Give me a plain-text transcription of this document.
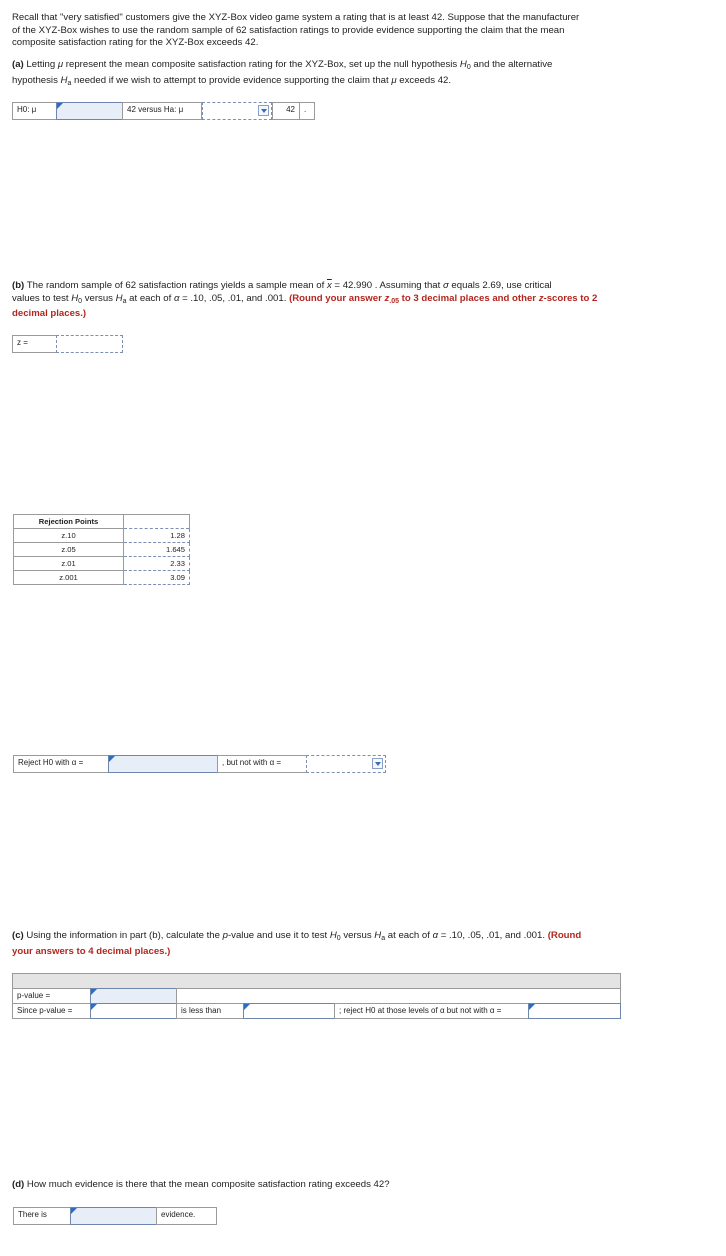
Recall that "very satisfied" customers give the XYZ-Box video game system a rating that is at least 42. Suppose that the manufacturer
of the XYZ-Box wishes to use the random sample of 62 satisfaction ratings to provide evidence supporting the claim that the mean
composite satisfaction rating for the XYZ-Box exceeds 42.
(a) Letting μ represent the mean composite satisfaction rating for the XYZ-Box, set up the null hypothesis $H_0$ and the alternative
hypothesis $H_a$ needed if we wish to attempt to provide evidence supporting the claim that μ exceeds 42.
H0: μ	42 versus Ha: μ	42	.
(b) The random sample of 62 satisfaction ratings yields a sample mean of $\overline{x} = 42.990$ . Assuming that σ equals 2.69, use critical
values to test $H_0$ versus $H_a$ at each of α = .10, .05, .01, and .001. (Round your answer $z_{.05}$ to 3 decimal places and other z-scores to 2
decimal places.)
z =
Rejection Points	
z.10	1.28
z.05	1.645
z.01	2.33
z.001	3.09
Reject H0 with α =	, but not with α =
(c) Using the information in part (b), calculate the p-value and use it to test $H_0$ versus $H_a$ at each of α = .10, .05, .01, and .001. (Round
your answers to 4 decimal places.)
p-value =
Since p-value =	is less than	; reject H0 at those levels of α but not with α =
(d) How much evidence is there that the mean composite satisfaction rating exceeds 42?
There is	evidence.
